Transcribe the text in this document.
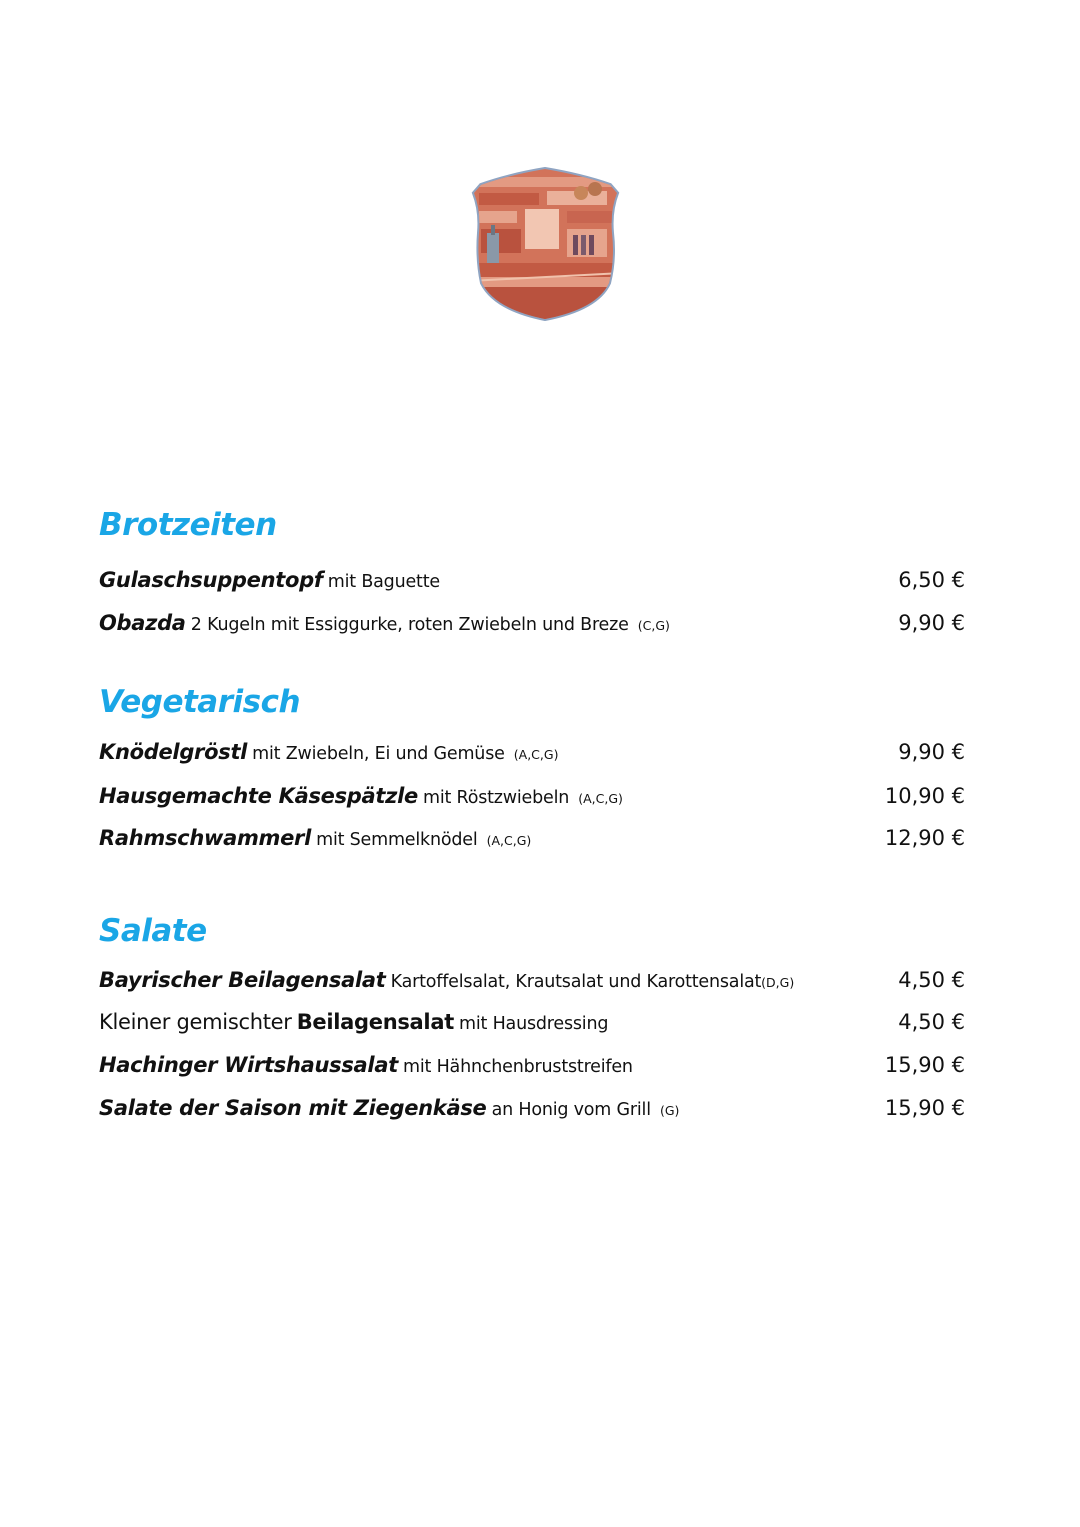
Brotzeiten
Gulaschsuppentopf mit Baguette	6,50 €
Obazda 2 Kugeln mit Essiggurke, roten Zwiebeln und Breze (C,G)	9,90 €
Vegetarisch
Knödelgröstl mit Zwiebeln, Ei und Gemüse (A,C,G)	9,90 €
Hausgemachte Käsespätzle mit Röstzwiebeln (A,C,G)	10,90 €
Rahmschwammerl mit Semmelknödel (A,C,G)	12,90 €
Salate
Bayrischer Beilagensalat Kartoffelsalat, Krautsalat und Karottensalat(D,G)	4,50 €
Kleiner gemischter Beilagensalat mit Hausdressing	4,50 €
Hachinger Wirtshaussalat mit Hähnchenbruststreifen	15,90 €
Salate der Saison mit Ziegenkäse an Honig vom Grill (G)	15,90 €
